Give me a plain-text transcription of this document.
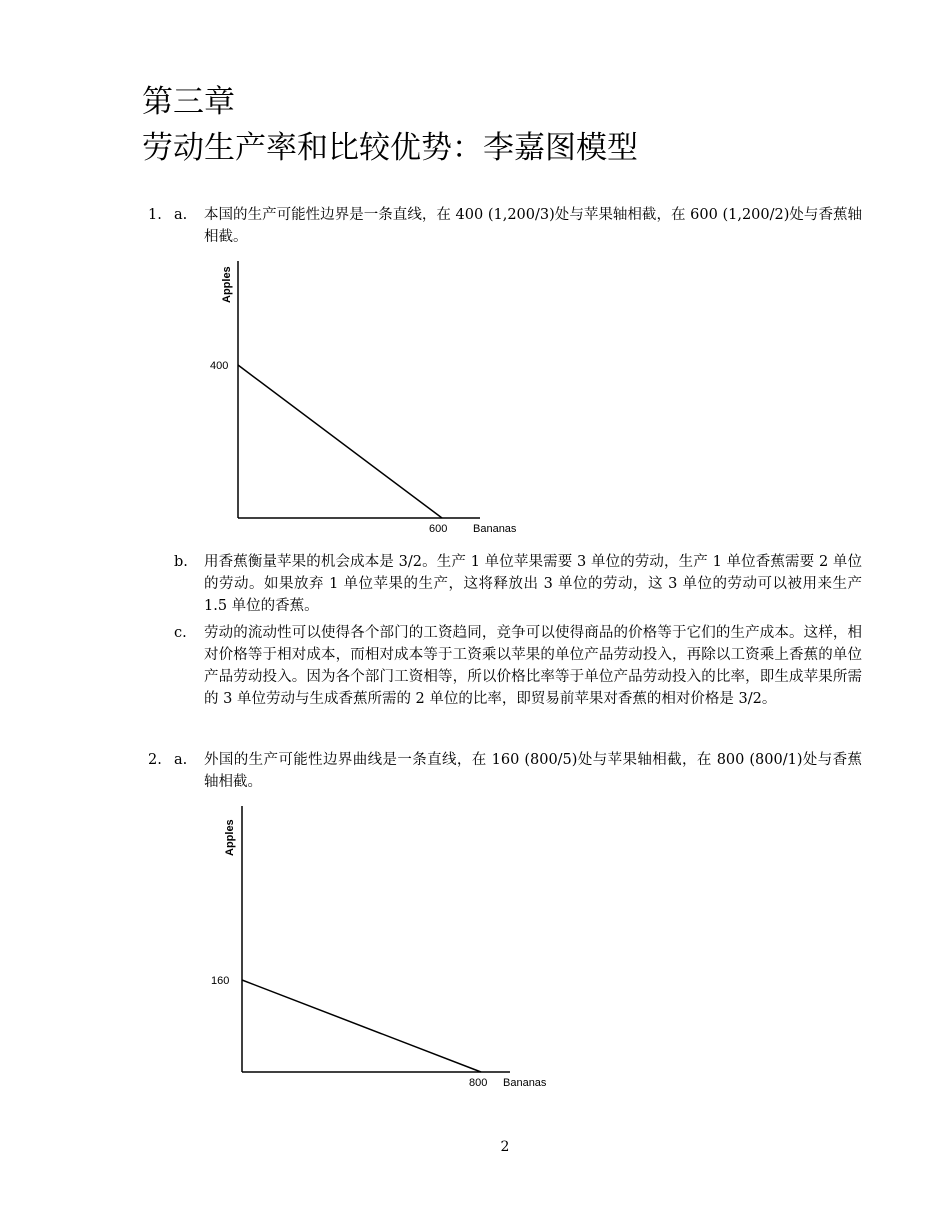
第三章
劳动生产率和比较优势：李嘉图模型
1. a. 本国的生产可能性边界是一条直线，在 400 (1,200/3)处与苹果轴相截，在 600 (1,200/2)处与香蕉轴相截。
Apples
400
600 Bananas
b. 用香蕉衡量苹果的机会成本是 3/2。生产 1 单位苹果需要 3 单位的劳动，生产 1 单位香蕉需要 2 单位的劳动。如果放弃 1 单位苹果的生产，这将释放出 3 单位的劳动，这 3 单位的劳动可以被用来生产 1.5 单位的香蕉。
c. 劳动的流动性可以使得各个部门的工资趋同，竞争可以使得商品的价格等于它们的生产成本。这样，相对价格等于相对成本，而相对成本等于工资乘以苹果的单位产品劳动投入，再除以工资乘上香蕉的单位产品劳动投入。因为各个部门工资相等，所以价格比率等于单位产品劳动投入的比率，即生成苹果所需的 3 单位劳动与生成香蕉所需的 2 单位的比率，即贸易前苹果对香蕉的相对价格是 3/2。
2. a. 外国的生产可能性边界曲线是一条直线，在 160 (800/5)处与苹果轴相截，在 800 (800/1)处与香蕉轴相截。
Apples
160
800 Bananas
2
